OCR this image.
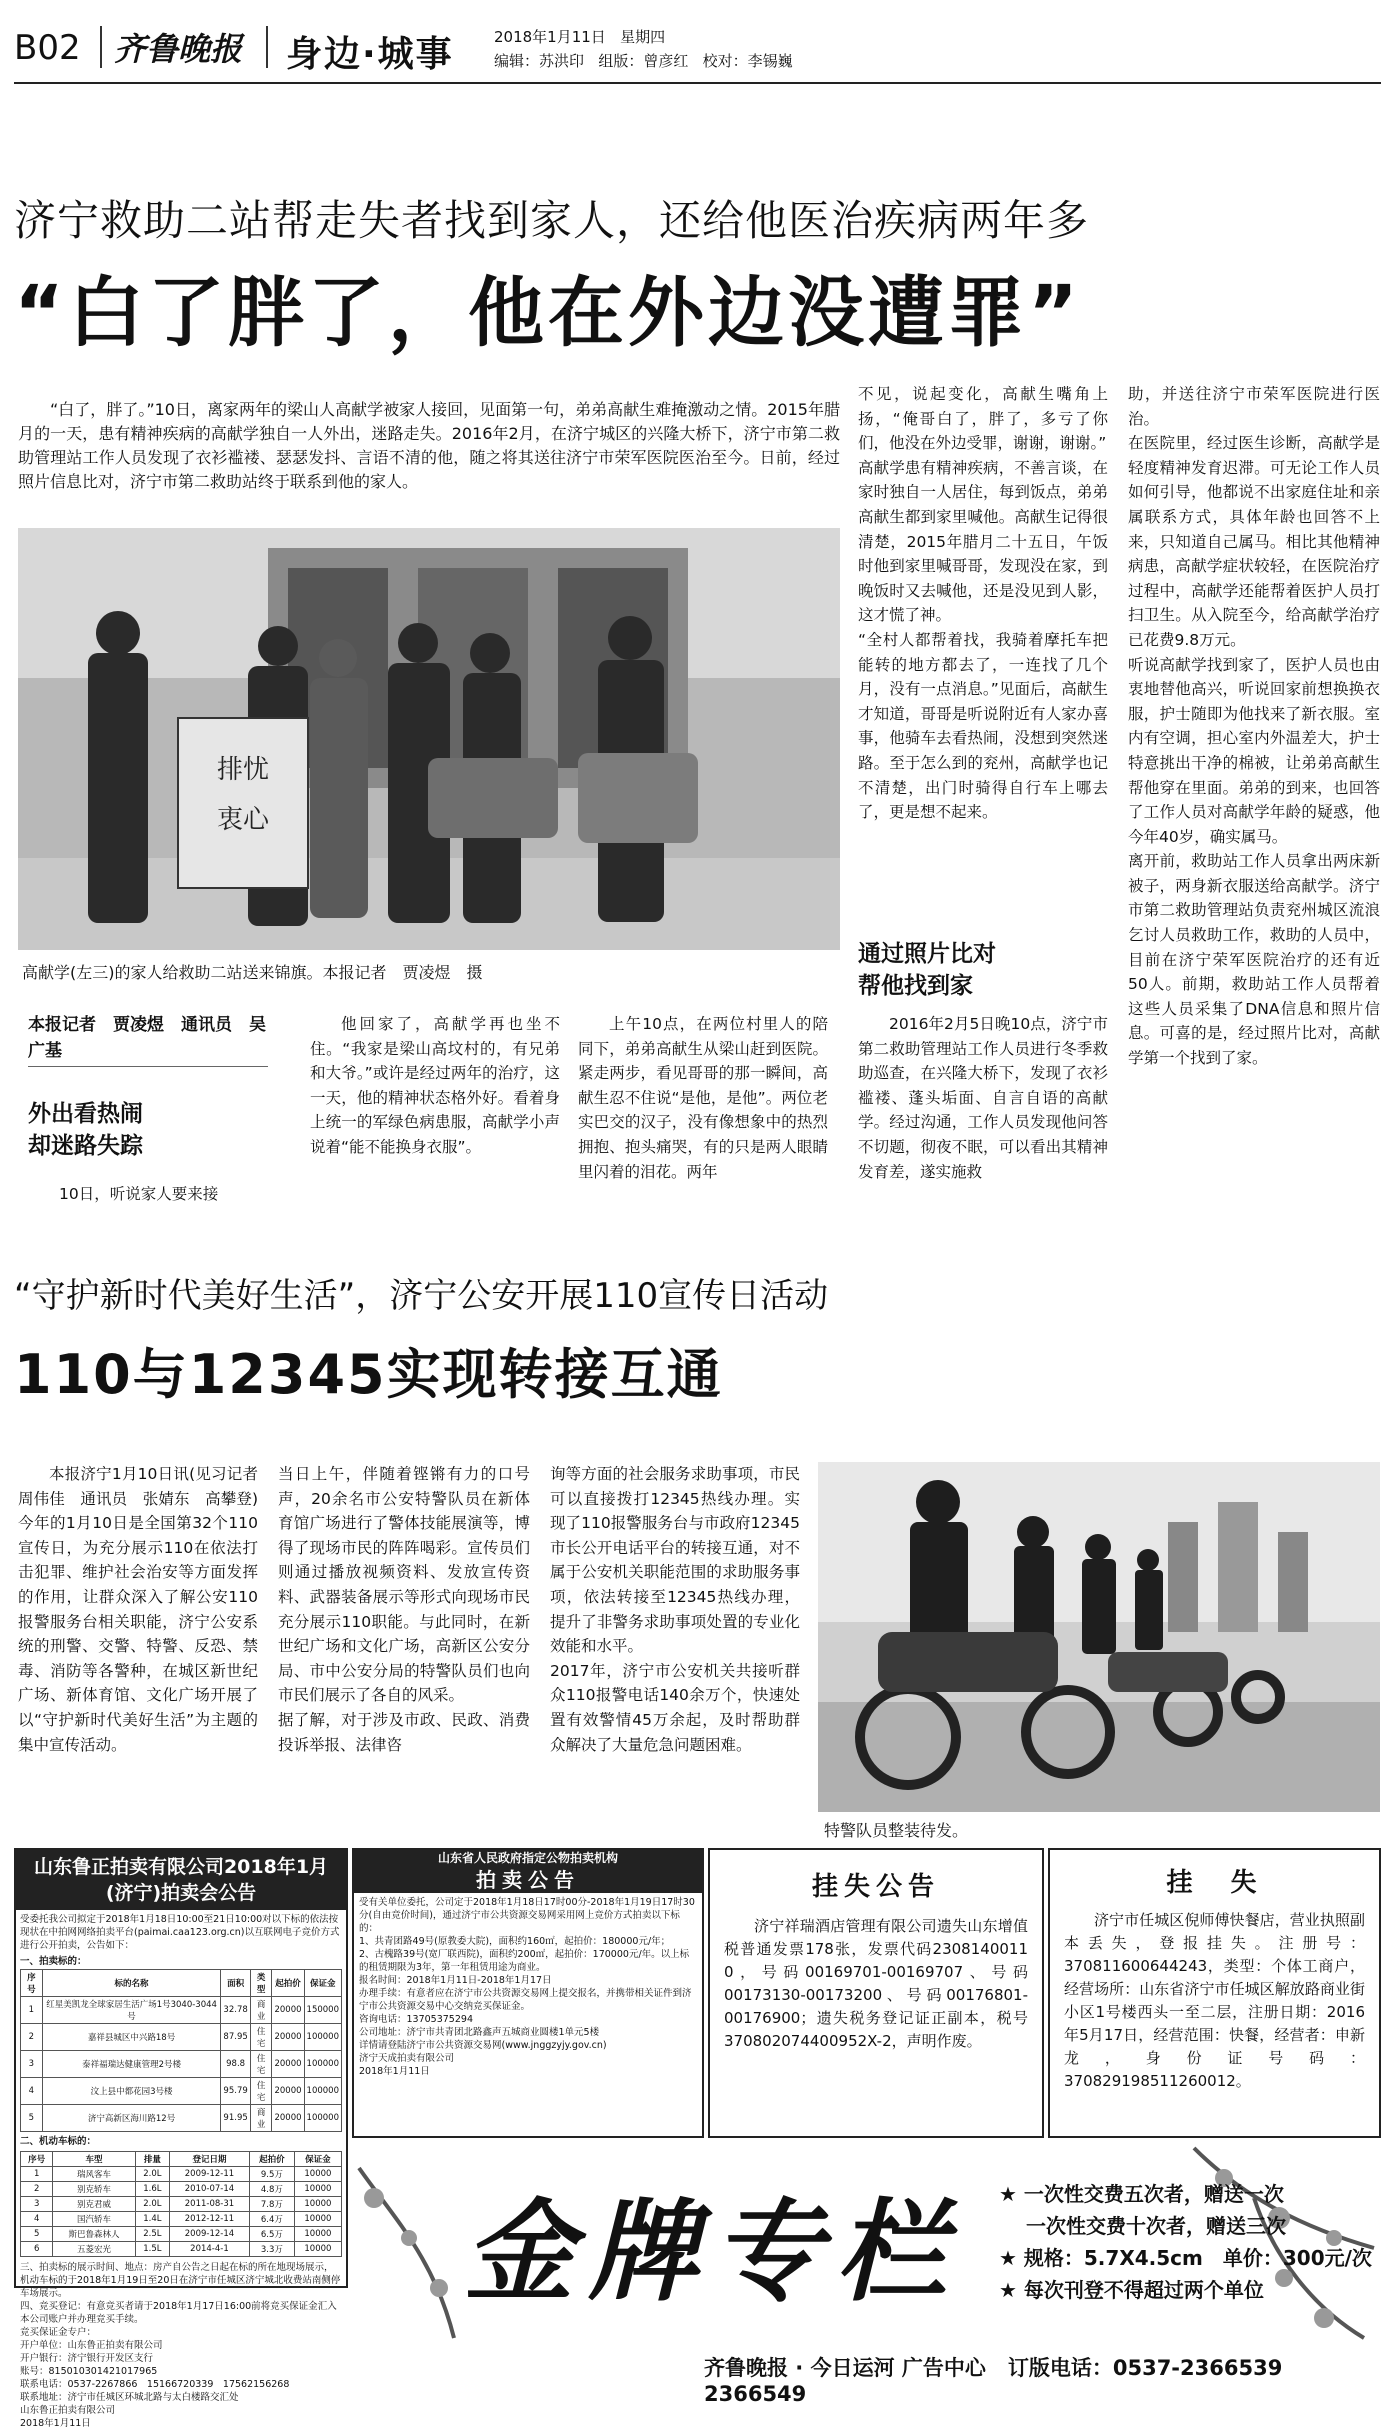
B02 齐鲁晚报 身边·城事	2018年1月11日 星期四
编辑：苏洪印 组版：曾彦红 校对：李锡巍
济宁救助二站帮走失者找到家人，还给他医治疾病两年多
“白了胖了，他在外边没遭罪”
“白了，胖了。”10日，离家两年的梁山人高献学被家人接回，见面第一句，弟弟高献生难掩激动之情。2015年腊月的一天，患有精神疾病的高献学独自一人外出，迷路走失。2016年2月，在济宁城区的兴隆大桥下，济宁市第二救助管理站工作人员发现了衣衫褴褛、瑟瑟发抖、言语不清的他，随之将其送往济宁市荣军医院医治至今。日前，经过照片信息比对，济宁市第二救助站终于联系到他的家人。
排忧
衷心
高献学(左三)的家人给救助二站送来锦旗。本报记者　贾凌煜　摄
本报记者　贾凌煜　通讯员　吴广基
外出看热闹
却迷路失踪

10日，听说家人要来接

他回家了，高献学再也坐不住。“我家是梁山高坟村的，有兄弟和大爷。”或许是经过两年的治疗，这一天，他的精神状态格外好。看着身上统一的军绿色病患服，高献学小声说着“能不能换身衣服”。

上午10点，在两位村里人的陪同下，弟弟高献生从梁山赶到医院。紧走两步，看见哥哥的那一瞬间，高献生忍不住说“是他，是他”。两位老实巴交的汉子，没有像想象中的热烈拥抱、抱头痛哭，有的只是两人眼睛里闪着的泪花。两年

不见，说起变化，高献生嘴角上扬，“俺哥白了，胖了，多亏了你们，他没在外边受罪，谢谢，谢谢。”
高献学患有精神疾病，不善言谈，在家时独自一人居住，每到饭点，弟弟高献生都到家里喊他。高献生记得很清楚，2015年腊月二十五日，午饭时他到家里喊哥哥，发现没在家，到晚饭时又去喊他，还是没见到人影，这才慌了神。
“全村人都帮着找，我骑着摩托车把能转的地方都去了，一连找了几个月，没有一点消息。”见面后，高献生才知道，哥哥是听说附近有人家办喜事，他骑车去看热闹，没想到突然迷路。至于怎么到的兖州，高献学也记不清楚，出门时骑得自行车上哪去了，更是想不起来。
通过照片比对
帮他找到家

2016年2月5日晚10点，济宁市第二救助管理站工作人员进行冬季救助巡查，在兴隆大桥下，发现了衣衫褴褛、蓬头垢面、自言自语的高献学。经过沟通，工作人员发现他问答不切题，彻夜不眠，可以看出其精神发育差，遂实施救

助，并送往济宁市荣军医院进行医治。
在医院里，经过医生诊断，高献学是轻度精神发育迟滞。可无论工作人员如何引导，他都说不出家庭住址和亲属联系方式，具体年龄也回答不上来，只知道自己属马。相比其他精神病患，高献学症状较轻，在医院治疗过程中，高献学还能帮着医护人员打扫卫生。从入院至今，给高献学治疗已花费9.8万元。
听说高献学找到家了，医护人员也由衷地替他高兴，听说回家前想换换衣服，护士随即为他找来了新衣服。室内有空调，担心室内外温差大，护士特意挑出干净的棉被，让弟弟高献生帮他穿在里面。弟弟的到来，也回答了工作人员对高献学年龄的疑惑，他今年40岁，确实属马。
离开前，救助站工作人员拿出两床新被子，两身新衣服送给高献学。济宁市第二救助管理站负责兖州城区流浪乞讨人员救助工作，救助的人员中，目前在济宁荣军医院治疗的还有近50人。前期，救助站工作人员帮着这些人员采集了DNA信息和照片信息。可喜的是，经过照片比对，高献学第一个找到了家。
“守护新时代美好生活”，济宁公安开展110宣传日活动
110与12345实现转接互通

本报济宁1月10日讯(见习记者　周伟佳　通讯员　张婧东　高攀登)　今年的1月10日是全国第32个110宣传日，为充分展示110在依法打击犯罪、维护社会治安等方面发挥的作用，让群众深入了解公安110报警服务台相关职能，济宁公安系统的刑警、交警、特警、反恐、禁毒、消防等各警种，在城区新世纪广场、新体育馆、文化广场开展了以“守护新时代美好生活”为主题的集中宣传活动。

当日上午，伴随着铿锵有力的口号声，20余名市公安特警队员在新体育馆广场进行了警体技能展演等，博得了现场市民的阵阵喝彩。宣传员们则通过播放视频资料、发放宣传资料、武器装备展示等形式向现场市民充分展示110职能。与此同时，在新世纪广场和文化广场，高新区公安分局、市中公安分局的特警队员们也向市民们展示了各自的风采。
据了解，对于涉及市政、民政、消费投诉举报、法律咨
询等方面的社会服务求助事项，市民可以直接拨打12345热线办理。实现了110报警服务台与市政府12345市长公开电话平台的转接互通，对不属于公安机关职能范围的求助服务事项，依法转接至12345热线办理，提升了非警务求助事项处置的专业化效能和水平。
2017年，济宁市公安机关共接听群众110报警电话140余万个，快速处置有效警情45万余起，及时帮助群众解决了大量危急问题困难。
特警队员整装待发。
山东鲁正拍卖有限公司2018年1月(济宁)拍卖会公告
受委托我公司拟定于2018年1月18日10:00至21日10:00对以下标的依法按现状在中拍网网络拍卖平台(paimai.caa123.org.cn)以互联网电子竞价方式进行公开拍卖，公告如下：
一、拍卖标的：
序号	标的名称	面积	类型	起拍价	保证金
1	红星美凯龙全球家居生活广场1号3040-3044号	32.78	商业	20000	150000
2	嘉祥县城区中兴路18号	87.95	住宅	20000	100000
3	泰祥福瑞达健康管理2号楼	98.8	住宅	20000	100000
4	汶上县中都花园3号楼	95.79	住宅	20000	100000
5	济宁高新区海川路12号	91.95	商业	20000	100000
二、机动车标的：
序号	车型	排量	登记日期	起拍价	保证金
1	瑞风客车	2.0L	2009-12-11	9.5万	10000
2	别克轿车	1.6L	2010-07-14	4.8万	10000
3	别克君威	2.0L	2011-08-31	7.8万	10000
4	国汽轿车	1.4L	2012-12-11	6.4万	10000
5	斯巴鲁森林人	2.5L	2009-12-14	6.5万	10000
6	五菱宏光	1.5L	2014-4-1	3.3万	10000
三、拍卖标的展示时间、地点：房产自公告之日起在标的所在地现场展示，机动车标的于2018年1月19日至20日在济宁市任城区济宁城北收费站南侧停车场展示。
四、竞买登记：有意竞买者请于2018年1月17日16:00前将竞买保证金汇入本公司账户并办理竞买手续。
竞买保证金专户：
开户单位：山东鲁正拍卖有限公司
开户银行：济宁银行开发区支行
账号：815010301421017965
联系电话：0537-2267866　15166720339　17562156268
联系地址：济宁市任城区环城北路与太白楼路交汇处
山东鲁正拍卖有限公司
2018年1月11日
山东省人民政府指定公物拍卖机构
拍卖公告
受有关单位委托，公司定于2018年1月18日17时00分-2018年1月19日17时30分(自由竞价时间)，通过济宁市公共资源交易网采用网上竞价方式拍卖以下标的：
1、共青团路49号(原教委大院)，面积约160㎡，起拍价：180000元/年；
2、古槐路39号(宽厂联西院)，面积约200㎡，起拍价：170000元/年。以上标的租赁期限为3年，第一年租赁用途为商业。
报名时间：2018年1月11日-2018年1月17日
办理手续：有意者应在济宁市公共资源交易网上提交报名，并携带相关证件到济宁市公共资源交易中心交纳竞买保证金。
咨询电话：13705375294
公司地址：济宁市共青团北路鑫声五城商业圆楼1单元5楼
详情请登陆济宁市公共资源交易网(www.jnggzyjy.gov.cn)
济宁天成拍卖有限公司
2018年1月11日
挂失公告
济宁祥瑞酒店管理有限公司遗失山东增值税普通发票178张，发票代码2308140011​0，号码00169701-00169707、号码00173130-00173200、号码00176801-00176900；遗失税务登记证正副本，税号370802074400952X-2，声明作废。
挂　失
济宁市任城区倪师傅快餐店，营业执照副本丢失，登报挂失。注册号：370811600644243，类型：个体工商户，经营场所：山东省济宁市任城区解放路商业街小区1号楼西头一至二层，注册日期：2016年5月17日，经营范围：快餐，经营者：申新龙，身份证号码：370829198511260012。
金牌专栏 ★ 一次性交费五次者，赠送一次
　 一次性交费十次者，赠送三次
★ 规格：5.7X4.5cm　单价：300元/次
★ 每次刊登不得超过两个单位
齐鲁晚报 · 今日运河 广告中心 订版电话：0537-2366539 2366549
